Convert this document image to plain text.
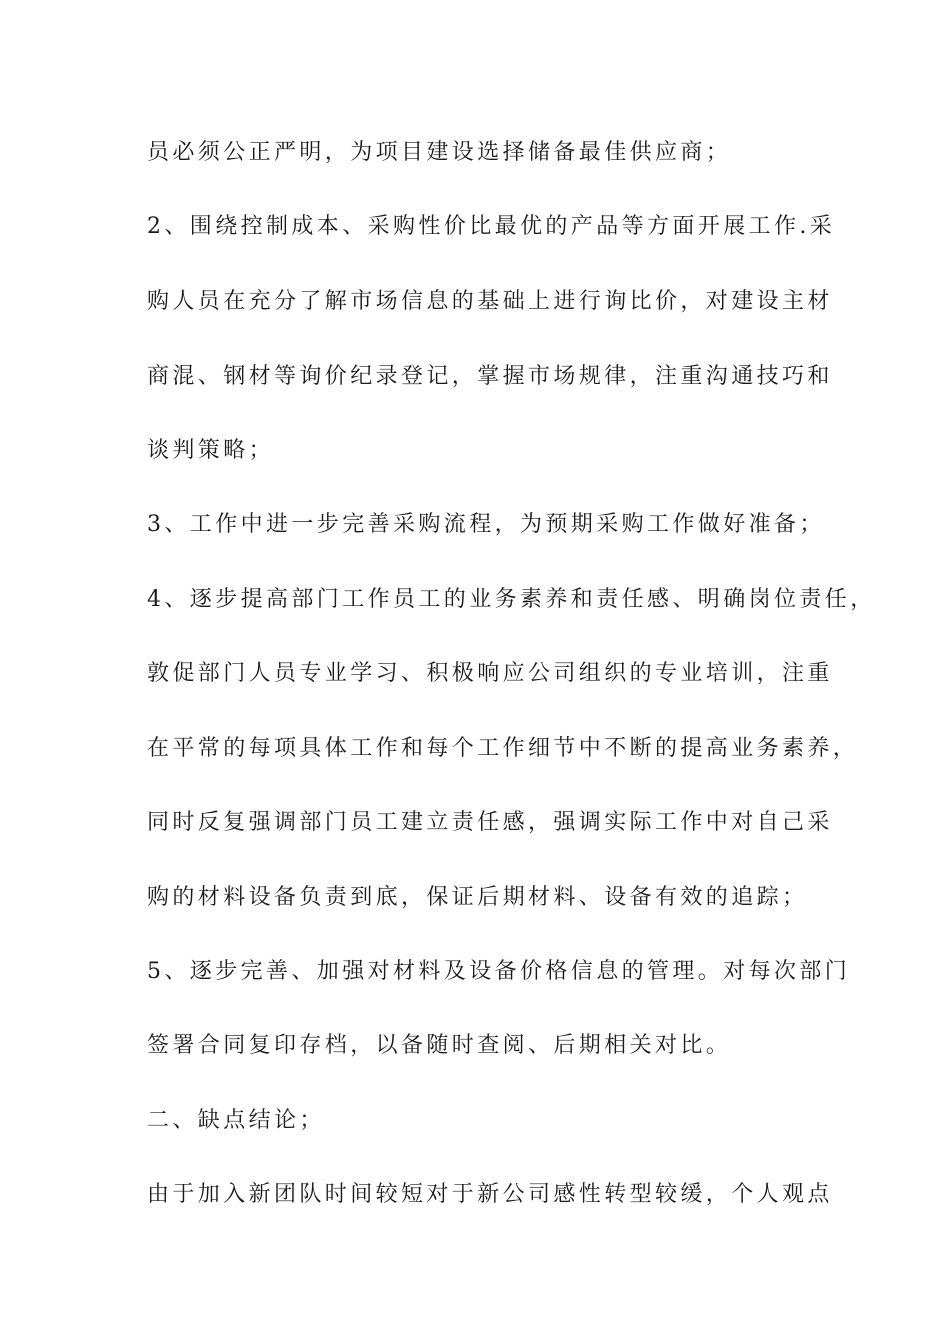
员必须公正严明，为项目建设选择储备最佳供应商；
2、围绕控制成本、采购性价比最优的产品等方面开展工作.采
购人员在充分了解市场信息的基础上进行询比价，对建设主材
商混、钢材等询价纪录登记，掌握市场规律，注重沟通技巧和
谈判策略；
3、工作中进一步完善采购流程，为预期采购工作做好准备；
4、逐步提高部门工作员工的业务素养和责任感、明确岗位责任，
敦促部门人员专业学习、积极响应公司组织的专业培训，注重
在平常的每项具体工作和每个工作细节中不断的提高业务素养，
同时反复强调部门员工建立责任感，强调实际工作中对自己采
购的材料设备负责到底，保证后期材料、设备有效的追踪；
5、逐步完善、加强对材料及设备价格信息的管理。对每次部门
签署合同复印存档，以备随时查阅、后期相关对比。
二、缺点结论；
由于加入新团队时间较短对于新公司感性转型较缓，个人观点
